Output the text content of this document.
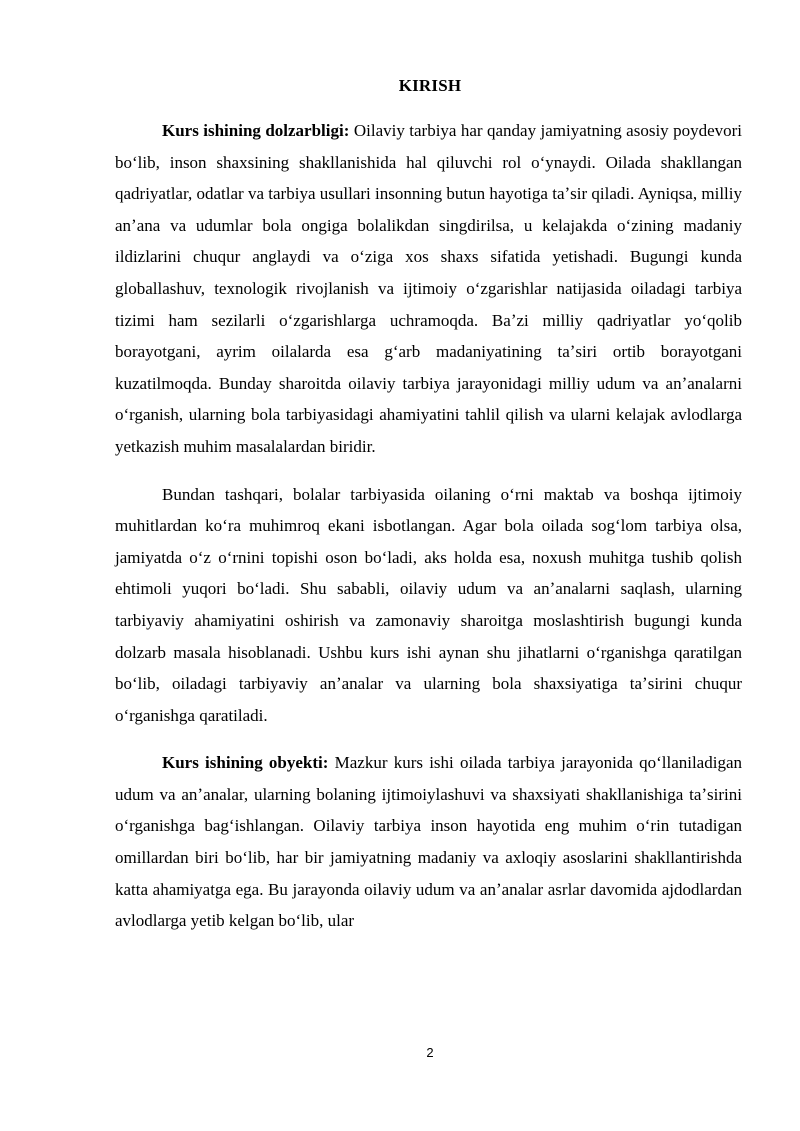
KIRISH

Kurs ishining dolzarbligi: Oilaviy tarbiya har qanday jamiyatning asosiy poydevori boʻlib, inson shaxsining shakllanishida hal qiluvchi rol oʻynaydi. Oilada shakllangan qadriyatlar, odatlar va tarbiya usullari insonning butun hayotiga taʼsir qiladi. Ayniqsa, milliy anʼana va udumlar bola ongiga bolalikdan singdirilsa, u kelajakda oʻzining madaniy ildizlarini chuqur anglaydi va oʻziga xos shaxs sifatida yetishadi. Bugungi kunda globallashuv, texnologik rivojlanish va ijtimoiy oʻzgarishlar natijasida oiladagi tarbiya tizimi ham sezilarli oʻzgarishlarga uchramoqda. Baʼzi milliy qadriyatlar yoʻqolib borayotgani, ayrim oilalarda esa gʻarb madaniyatining taʼsiri ortib borayotgani kuzatilmoqda. Bunday sharoitda oilaviy tarbiya jarayonidagi milliy udum va anʼanalarni oʻrganish, ularning bola tarbiyasidagi ahamiyatini tahlil qilish va ularni kelajak avlodlarga yetkazish muhim masalalardan biridir.

Bundan tashqari, bolalar tarbiyasida oilaning oʻrni maktab va boshqa ijtimoiy muhitlardan koʻra muhimroq ekani isbotlangan. Agar bola oilada sogʻlom tarbiya olsa, jamiyatda oʻz oʻrnini topishi oson boʻladi, aks holda esa, noxush muhitga tushib qolish ehtimoli yuqori boʻladi. Shu sababli, oilaviy udum va anʼanalarni saqlash, ularning tarbiyaviy ahamiyatini oshirish va zamonaviy sharoitga moslashtirish bugungi kunda dolzarb masala hisoblanadi. Ushbu kurs ishi aynan shu jihatlarni oʻrganishga qaratilgan boʻlib, oiladagi tarbiyaviy anʼanalar va ularning bola shaxsiyatiga taʼsirini chuqur oʻrganishga qaratiladi.

Kurs ishining obyekti: Mazkur kurs ishi oilada tarbiya jarayonida qoʻllaniladigan udum va anʼanalar, ularning bolaning ijtimoiylashuvi va shaxsiyati shakllanishiga taʼsirini oʻrganishga bagʻishlangan. Oilaviy tarbiya inson hayotida eng muhim oʻrin tutadigan omillardan biri boʻlib, har bir jamiyatning madaniy va axloqiy asoslarini shakllantirishda katta ahamiyatga ega. Bu jarayonda oilaviy udum va anʼanalar asrlar davomida ajdodlardan avlodlarga yetib kelgan boʻlib, ular

2
